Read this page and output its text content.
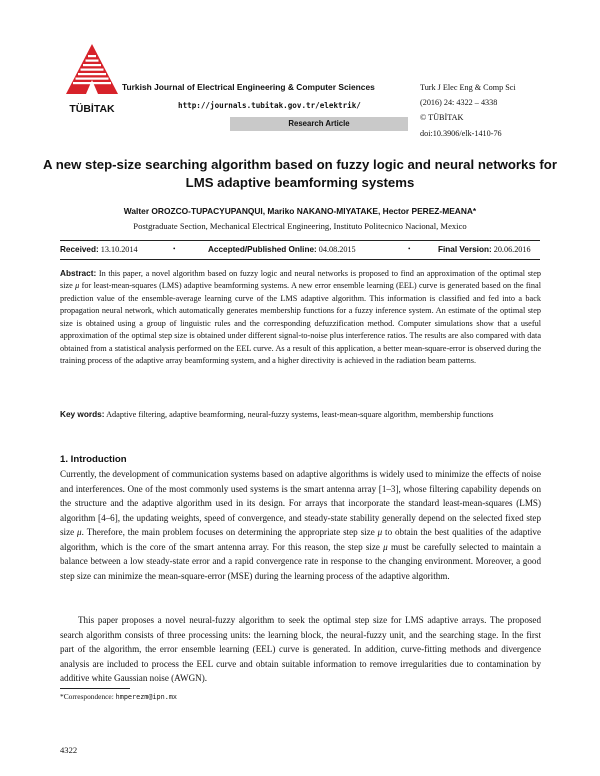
TÜBİTAK
Turkish Journal of Electrical Engineering & Computer Sciences
http://journals.tubitak.gov.tr/elektrik/
Research Article
Turk J Elec Eng & Comp Sci
(2016) 24: 4322 – 4338
© TÜBİTAK
doi:10.3906/elk-1410-76
A new step-size searching algorithm based on fuzzy logic and neural networks for
LMS adaptive beamforming systems
Walter OROZCO-TUPACYUPANQUI, Mariko NAKANO-MIYATAKE, Hector PEREZ-MEANA*
Postgraduate Section, Mechanical Electrical Engineering, Instituto Politecnico Nacional, Mexico
Received: 13.10.2014	•	Accepted/Published Online: 04.08.2015	•	Final Version: 20.06.2016
Abstract: In this paper, a novel algorithm based on fuzzy logic and neural networks is proposed to find an approximation of the optimal step size μ for least-mean-squares (LMS) adaptive beamforming systems. A new error ensemble learning (EEL) curve is generated based on the final prediction value of the ensemble-average learning curve of the LMS adaptive algorithm. This information is classified and fed into a back propagation neural network, which automatically generates membership functions for a fuzzy inference system. An estimate of the optimal step size is obtained using a group of linguistic rules and the corresponding defuzzification method. Computer simulations show that a useful approximation of the optimal step size is obtained under different signal-to-noise plus interference ratios. The results are also compared with data obtained from a statistical analysis performed on the EEL curve. As a result of this application, a better mean-square-error is observed during the training process of the adaptive array beamforming system, and a higher directivity is achieved in the radiation beam patterns.
Key words: Adaptive filtering, adaptive beamforming, neural-fuzzy systems, least-mean-square algorithm, membership functions
1. Introduction
Currently, the development of communication systems based on adaptive algorithms is widely used to minimize the effects of noise and interferences. One of the most commonly used systems is the smart antenna array [1–3], whose filtering capability depends on the structure and the adaptive algorithm used in its design. For arrays that incorporate the standard least-mean-squares (LMS) algorithm [4–6], the updating weights, speed of convergence, and steady-state stability generally depend on the selected fixed step size μ. Therefore, the main problem focuses on determining the appropriate step size μ to obtain the best qualities of the adaptive algorithm, which is the core of the smart antenna array. For this reason, the step size μ must be carefully selected to maintain a balance between a low steady-state error and a rapid convergence rate in response to the changing environment. Moreover, a good step size can minimize the mean-square-error (MSE) during the learning process of the adaptive algorithm.
This paper proposes a novel neural-fuzzy algorithm to seek the optimal step size for LMS adaptive arrays. The proposed search algorithm consists of three processing units: the learning block, the neural-fuzzy unit, and the searching stage. In the first part of the algorithm, the error ensemble learning (EEL) curve is generated. In addition, curve-fitting methods and divergence analysis are included to process the EEL curve and obtain suitable information to remove irregularities due to contamination by additive white Gaussian noise (AWGN).
*Correspondence: hmperezm@ipn.mx
4322
